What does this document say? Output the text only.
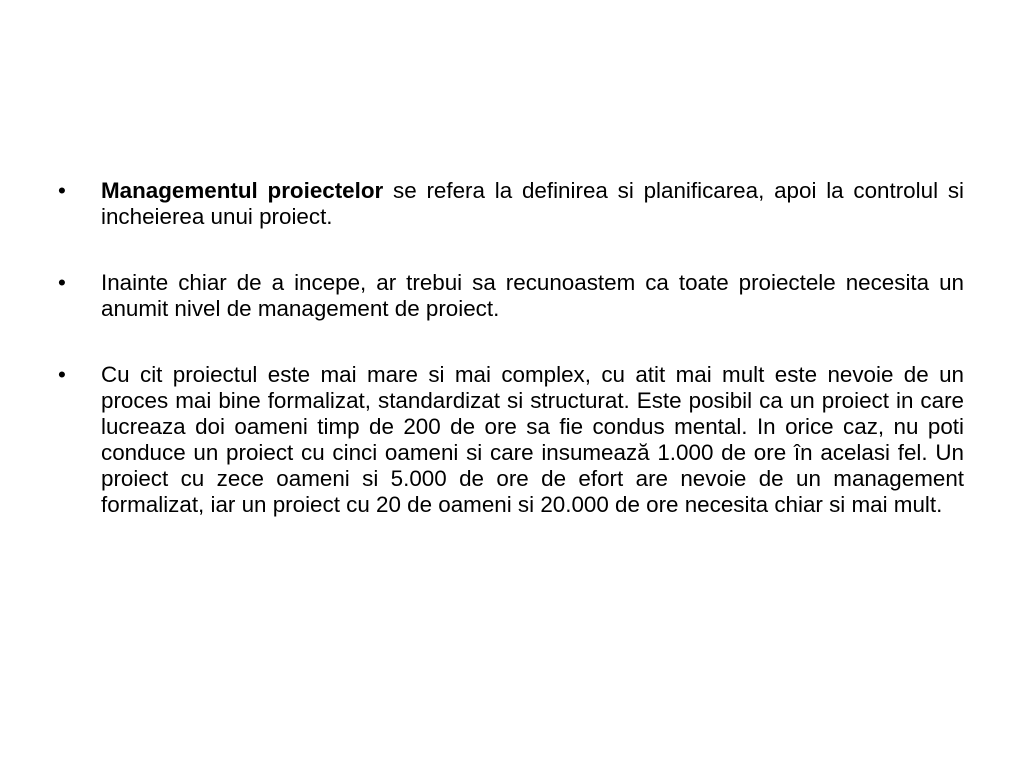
•	Managementul proiectelor se refera la definirea si planificarea, apoi la controlul si incheierea unui proiect.
•	Inainte chiar de a incepe, ar trebui sa recunoastem ca toate proiectele necesita un anumit nivel de management de proiect.
•	Cu cit proiectul este mai mare si mai complex, cu atit mai mult este nevoie de un proces mai bine formalizat, standardizat si structurat. Este posibil ca un proiect in care lucreaza doi oameni timp de 200 de ore sa fie condus mental. In orice caz, nu poti conduce un proiect cu cinci oameni si care insumează 1.000 de ore în acelasi fel. Un proiect cu zece oameni si 5.000 de ore de efort are nevoie de un management formalizat, iar un proiect cu 20 de oameni si 20.000 de ore necesita chiar si mai mult.
